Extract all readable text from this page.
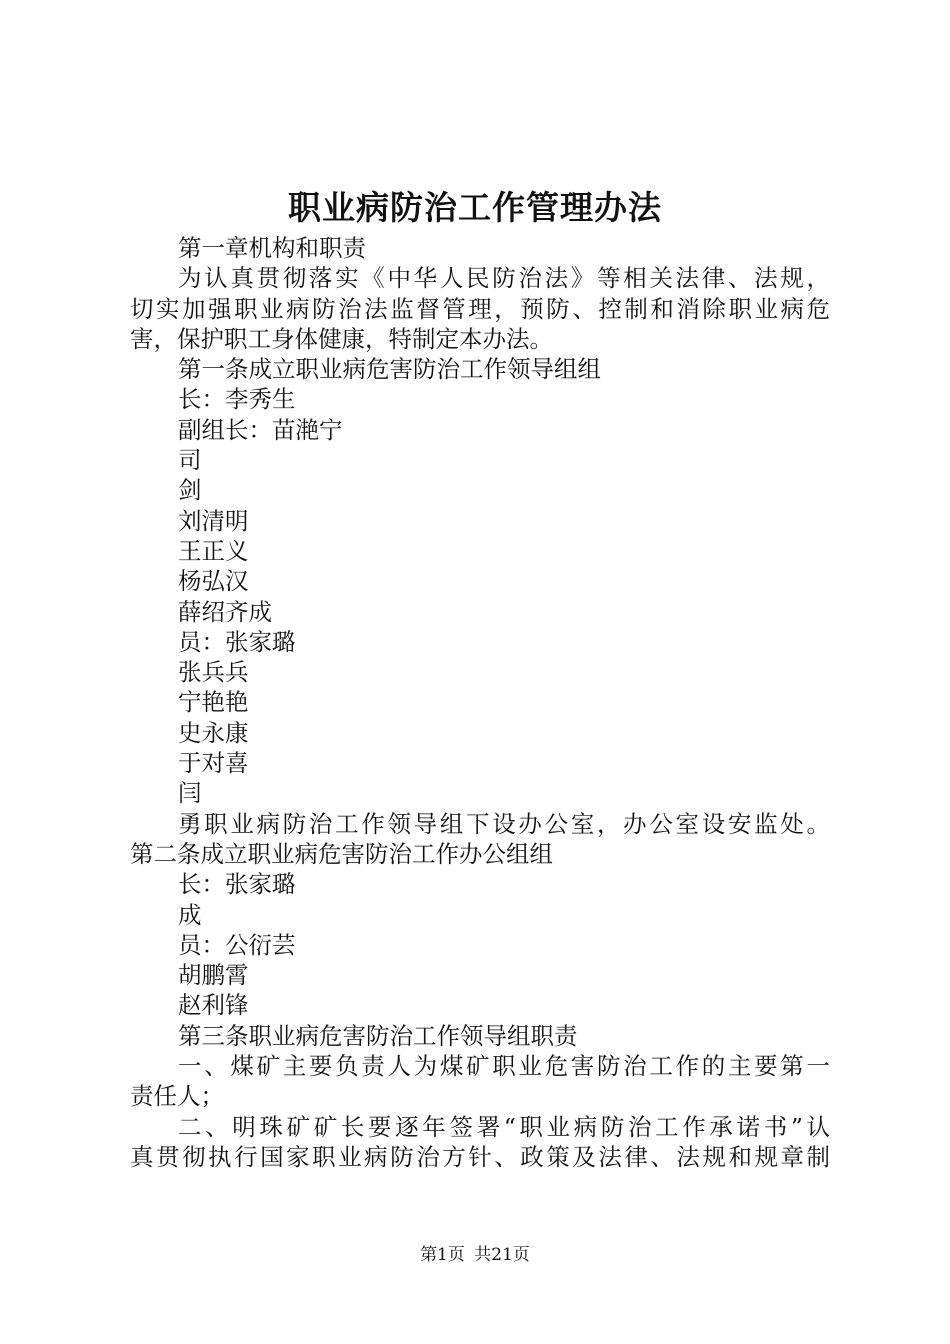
职业病防治工作管理办法
第一章机构和职责
为认真贯彻落实《中华人民防治法》等相关法律、法规，
切实加强职业病防治法监督管理，预防、控制和消除职业病危
害，保护职工身体健康，特制定本办法。
第一条成立职业病危害防治工作领导组组
长：李秀生
副组长：苗滟宁
司
剑
刘清明
王正义
杨弘汉
薛绍齐成
员：张家璐
张兵兵
宁艳艳
史永康
于对喜
闫
勇职业病防治工作领导组下设办公室，办公室设安监处。
第二条成立职业病危害防治工作办公组组
长：张家璐
成
员：公衍芸
胡鹏霄
赵利锋
第三条职业病危害防治工作领导组职责
一、煤矿主要负责人为煤矿职业危害防治工作的主要第一
责任人；
二、明珠矿矿长要逐年签署“职业病防治工作承诺书”认
真贯彻执行国家职业病防治方针、政策及法律、法规和规章制
第1页 共21页
